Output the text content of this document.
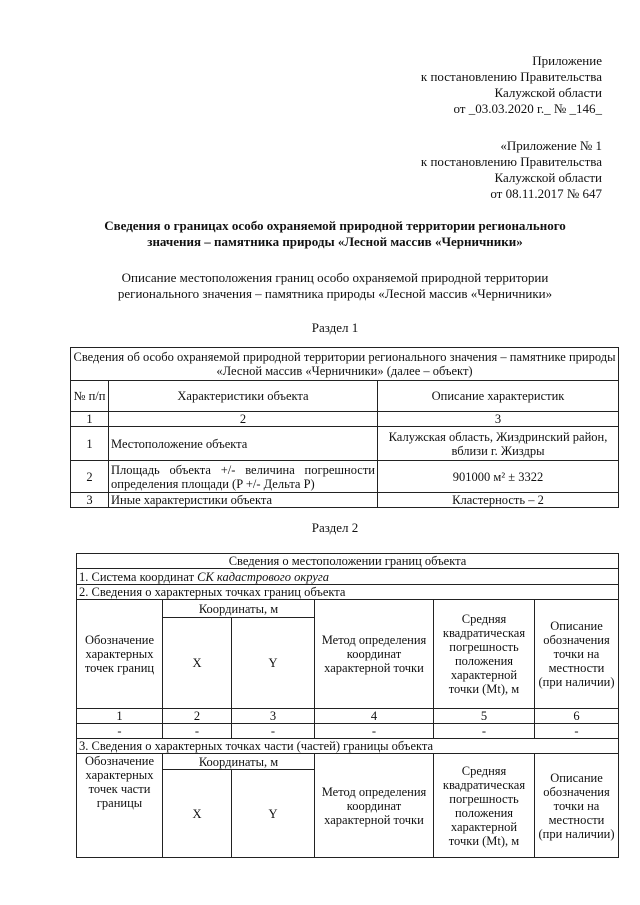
Приложение
к постановлению Правительства
Калужской области
от _03.03.2020 г._ № _146_
«Приложение № 1
к постановлению Правительства
Калужской области
от 08.11.2017 № 647
Сведения о границах особо охраняемой природной территории регионального
значения – памятника природы «Лесной массив «Черничники»
Описание местоположения границ особо охраняемой природной территории
регионального значения – памятника природы «Лесной массив «Черничники»
Раздел 1
Сведения об особо охраняемой природной территории регионального значения – памятнике природы «Лесной массив «Черничники» (далее – объект)		
№ п/п	Характеристики объекта	Описание характеристик
1	2	3
1	Местоположение объекта	Калужская область, Жиздринский район, вблизи г. Жиздры
2	Площадь объекта +/- величина погрешности определения площади (P +/- Дельта P)	901000 м² ± 3322
3	Иные характеристики объекта	Кластерность – 2
Раздел 2
Сведения о местоположении границ объекта					
1. Система координат СК кадастрового округа					
2. Сведения о характерных точках границ объекта					
Обозначение характерных точек границ	Координаты, м		Метод определения координат характерной точки	Средняя квадратическая погрешность положения характерной точки (Mt), м	Описание обозначения точки на местности (при наличии)
	X	Y			
1	2	3	4	5	6
-	-	-	-	-	-
3. Сведения о характерных точках части (частей) границы объекта					
Обозначение характерных точек части границы	Координаты, м		Метод определения координат характерной точки	Средняя квадратическая погрешность положения характерной точки (Mt), м	Описание обозначения точки на местности (при наличии)
	X	Y			
